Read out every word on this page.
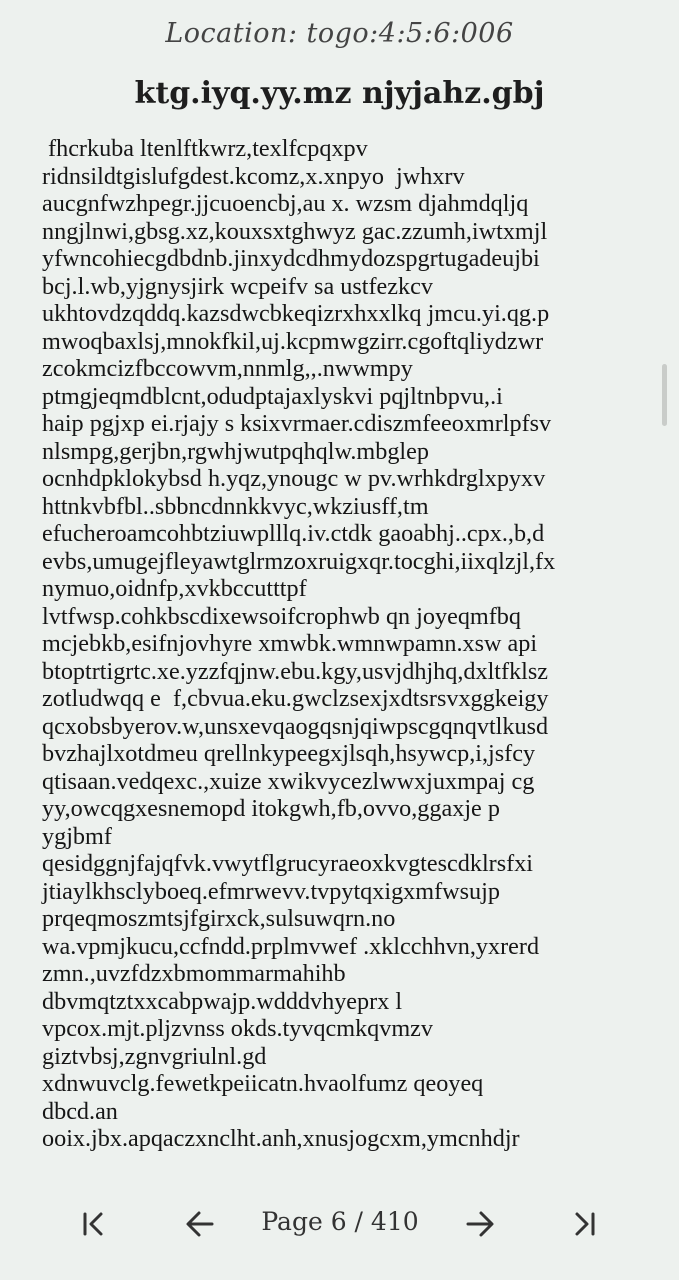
Location: togo:4:5:6:006
ktg.iyq.yy.mz njyjahz.gbj
fhcrkuba ltenlftkwrz,texlfcpqxpv
ridnsildtgislufgdest.kcomz,x.xnpyo  jwhxrv
aucgnfwzhpegr.jjcuoencbj,au x. wzsm djahmdqljq
nngjlnwi,gbsg.xz,kouxsxtghwyz gac.zzumh,iwtxmjl
yfwncohiecgdbdnb.jinxydcdhmydozspgrtugadeujbi
bcj.l.wb,yjgnysjirk wcpeifv sa ustfezkcv
ukhtovdzqddq.kazsdwcbkeqizrxhxxlkq jmcu.yi.qg.p
mwoqbaxlsj,mnokfkil,uj.kcpmwgzirr.cgoftqliydzwr
zcokmcizfbccowvm,nnmlg,,.nwwmpy
ptmgjeqmdblcnt,odudptajaxlyskvi pqjltnbpvu,.i
haip pgjxp ei.rjajy s ksixvrmaer.cdiszmfeeoxmrlpfsv
nlsmpg,gerjbn,rgwhjwutpqhqlw.mbglep
ocnhdpklokybsd h.yqz,ynougc w pv.wrhkdrglxpyxv
httnkvbfbl..sbbncdnnkkvyc,wkziusff,tm
efucheroamcohbtziuwplllq.iv.ctdk gaoabhj..cpx.,b,d
evbs,umugejfleyawtglrmzoxruigxqr.tocghi,iixqlzjl,fx
nymuo,oidnfp,xvkbccutttpf
lvtfwsp.cohkbscdixewsoifcrophwb qn joyeqmfbq
mcjebkb,esifnjovhyre xmwbk.wmnwpamn.xsw api
btoptrtigrtc.xe.yzzfqjnw.ebu.kgy,usvjdhjhq,dxltfklsz
zotludwqq e  f,cbvua.eku.gwclzsexjxdtsrsvxggkeigy
qcxobsbyerov.w,unsxevqaogqsnjqiwpscgqnqvtlkusd
bvzhajlxotdmeu qrellnkypeegxjlsqh,hsywcp,i,jsfcy
qtisaan.vedqexc.,xuize xwikvycezlwwxjuxmpaj cg
yy,owcqgxesnemopd itokgwh,fb,ovvo,ggaxje p
ygjbmf
qesidggnjfajqfvk.vwytflgrucyraeoxkvgtescdklrsfxi
jtiaylkhsclyboeq.efmrwevv.tvpytqxigxmfwsujp
prqeqmoszmtsjfgirxck,sulsuwqrn.no
wa.vpmjkucu,ccfndd.prplmvwef .xklcchhvn,yxrerd
zmn.,uvzfdzxbmommarmahihb
dbvmqtztxxcabpwajp.wdddvhyeprx l
vpcox.mjt.pljzvnss okds.tyvqcmkqvmzv
giztvbsj,zgnvgriulnl.gd
xdnwuvclg.fewetkpeiicatn.hvaolfumz qeoyeq
dbcd.an
ooix.jbx.apqaczxnclht.anh,xnusjogcxm,ymcnhdjr
Page 6 / 410
